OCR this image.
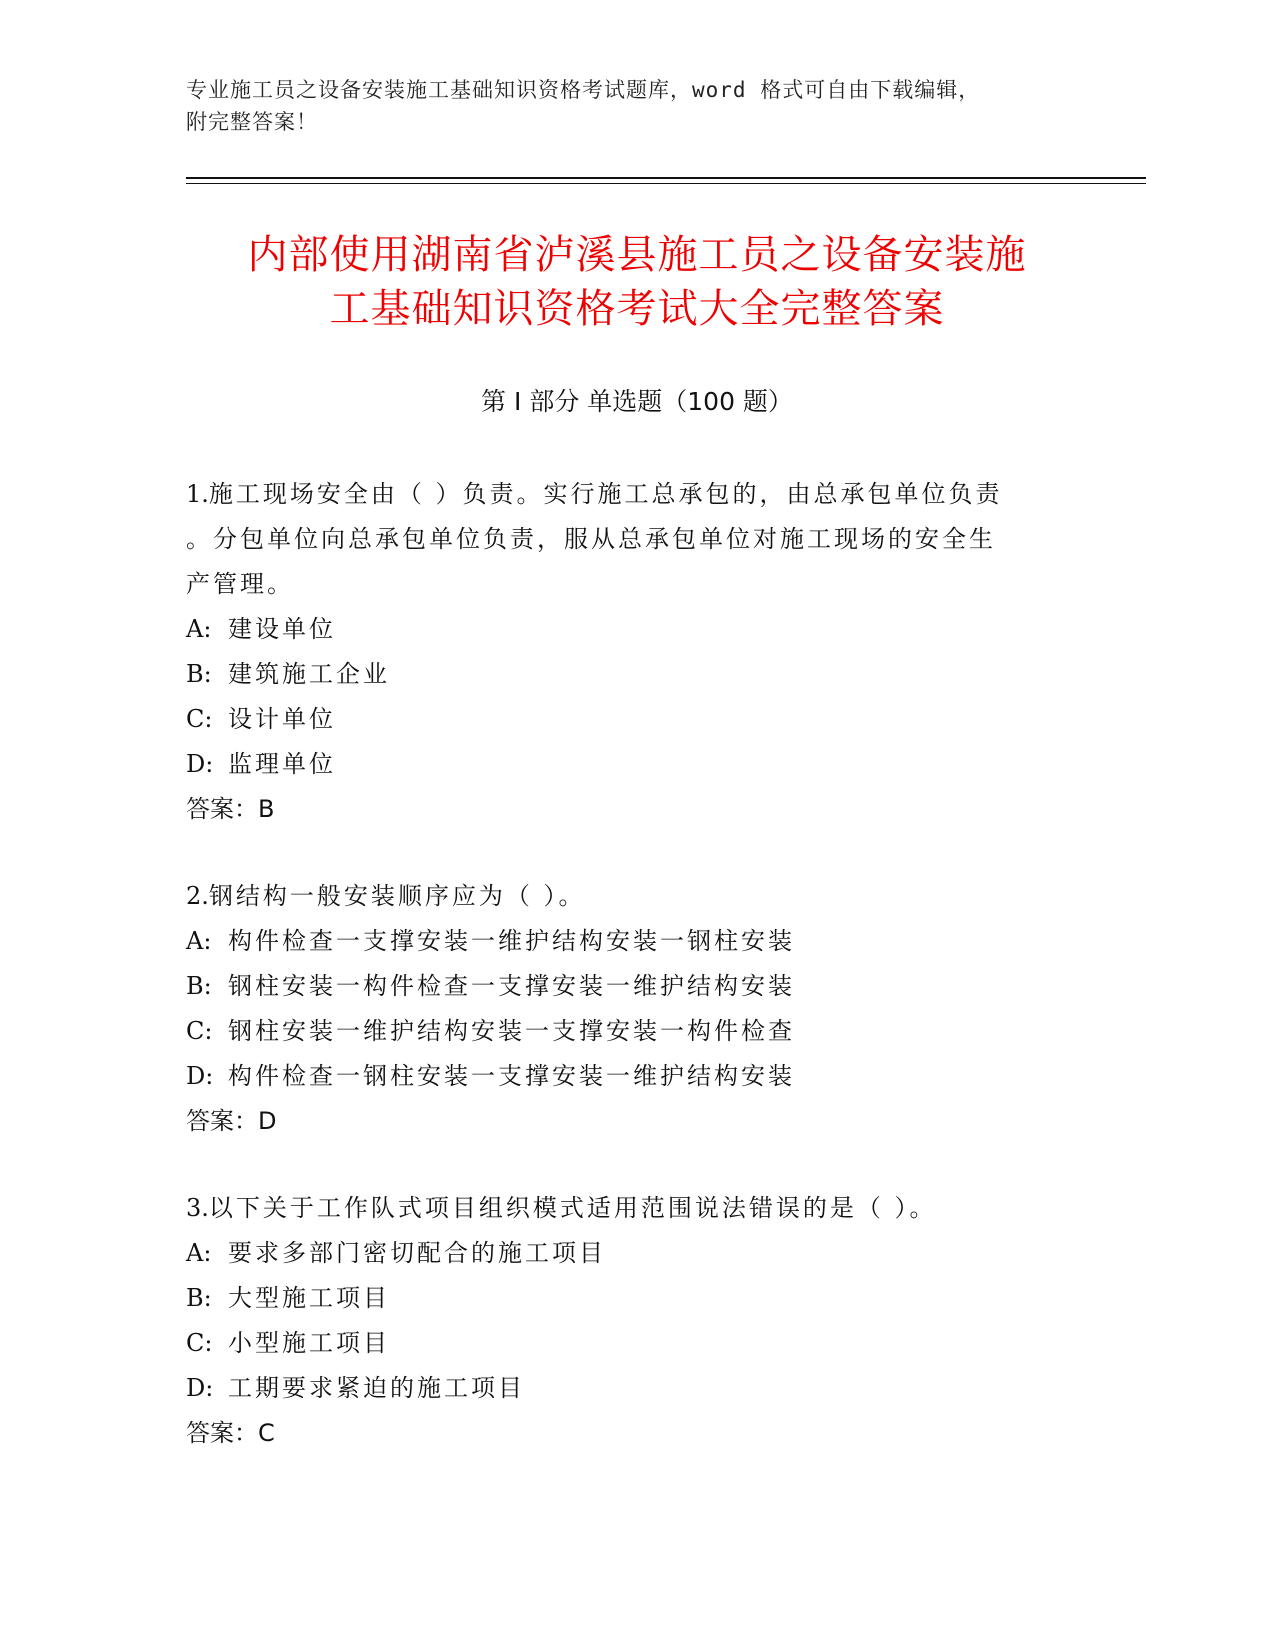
专业施工员之设备安装施工基础知识资格考试题库，word 格式可自由下载编辑，
附完整答案！
内部使用湖南省泸溪县施工员之设备安装施
工基础知识资格考试大全完整答案
第 I 部分 单选题（100 题）
1.施工现场安全由（ ）负责。实行施工总承包的，由总承包单位负责
。分包单位向总承包单位负责，服从总承包单位对施工现场的安全生
产管理。
A: 建设单位
B: 建筑施工企业
C: 设计单位
D: 监理单位
答案：B
2.钢结构一般安装顺序应为（ ）。
A: 构件检查一支撑安装一维护结构安装一钢柱安装
B: 钢柱安装一构件检查一支撑安装一维护结构安装
C: 钢柱安装一维护结构安装一支撑安装一构件检查
D: 构件检查一钢柱安装一支撑安装一维护结构安装
答案：D
3.以下关于工作队式项目组织模式适用范围说法错误的是（ ）。
A: 要求多部门密切配合的施工项目
B: 大型施工项目
C: 小型施工项目
D: 工期要求紧迫的施工项目
答案：C
